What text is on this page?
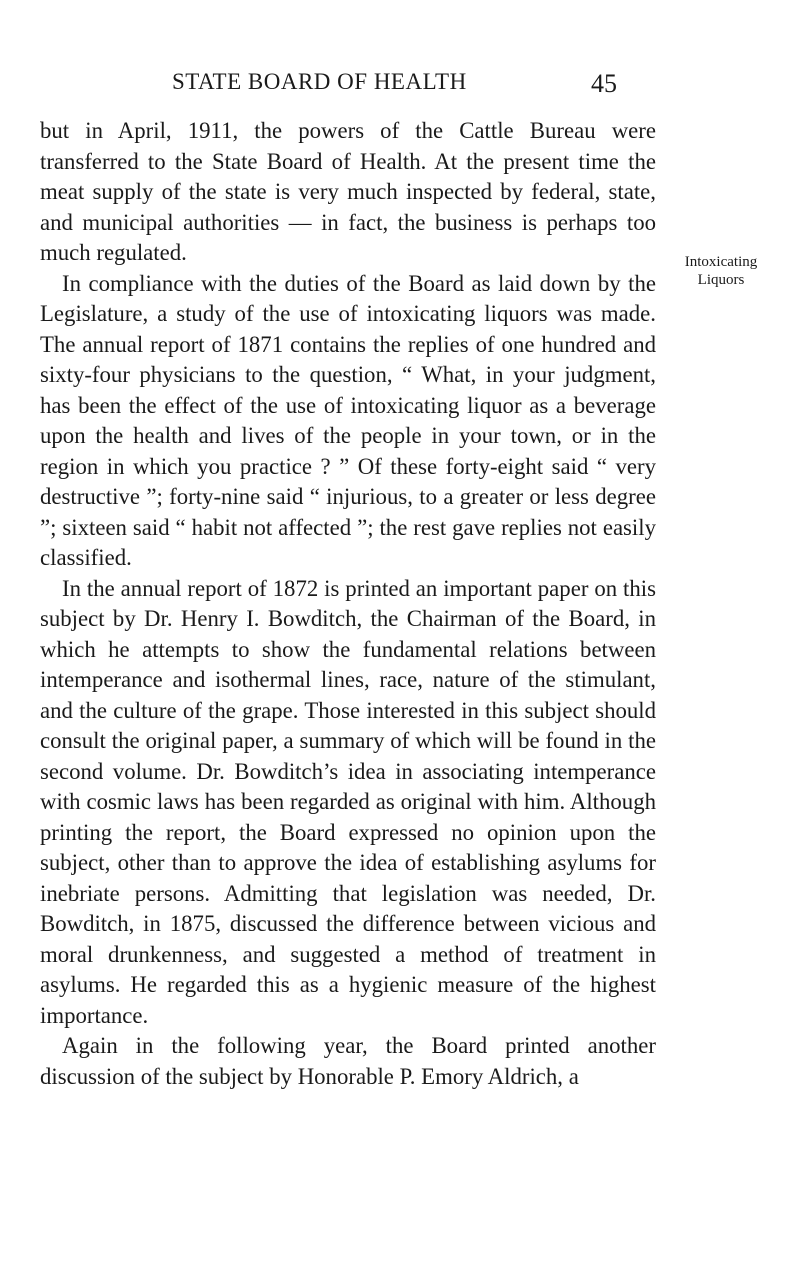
STATE BOARD OF HEALTH	45

but in April, 1911, the powers of the Cattle Bureau were transferred to the State Board of Health. At the present time the meat supply of the state is very much inspected by federal, state, and municipal authorities — in fact, the business is perhaps too much regulated.

In compliance with the duties of the Board as laid down by the Legislature, a study of the use of intoxicating liquors was made. The annual report of 1871 contains the replies of one hundred and sixty-four physicians to the question, “ What, in your judgment, has been the effect of the use of intoxicating liquor as a beverage upon the health and lives of the people in your town, or in the region in which you practice ? ” Of these forty-eight said “ very destructive ”; forty-nine said “ injurious, to a greater or less degree ”; sixteen said “ habit not affected ”; the rest gave replies not easily classified.

In the annual report of 1872 is printed an important paper on this subject by Dr. Henry I. Bowditch, the Chairman of the Board, in which he attempts to show the fundamental relations between intemperance and isothermal lines, race, nature of the stimulant, and the culture of the grape. Those interested in this subject should consult the original paper, a summary of which will be found in the second volume. Dr. Bowditch’s idea in associating intemperance with cosmic laws has been regarded as original with him. Although printing the report, the Board expressed no opinion upon the subject, other than to approve the idea of establishing asylums for inebriate persons. Admitting that legislation was needed, Dr. Bowditch, in 1875, discussed the difference between vicious and moral drunkenness, and suggested a method of treatment in asylums. He regarded this as a hygienic measure of the highest importance.

Again in the following year, the Board printed another discussion of the subject by Honorable P. Emory Aldrich, a

Intoxicating
Liquors
